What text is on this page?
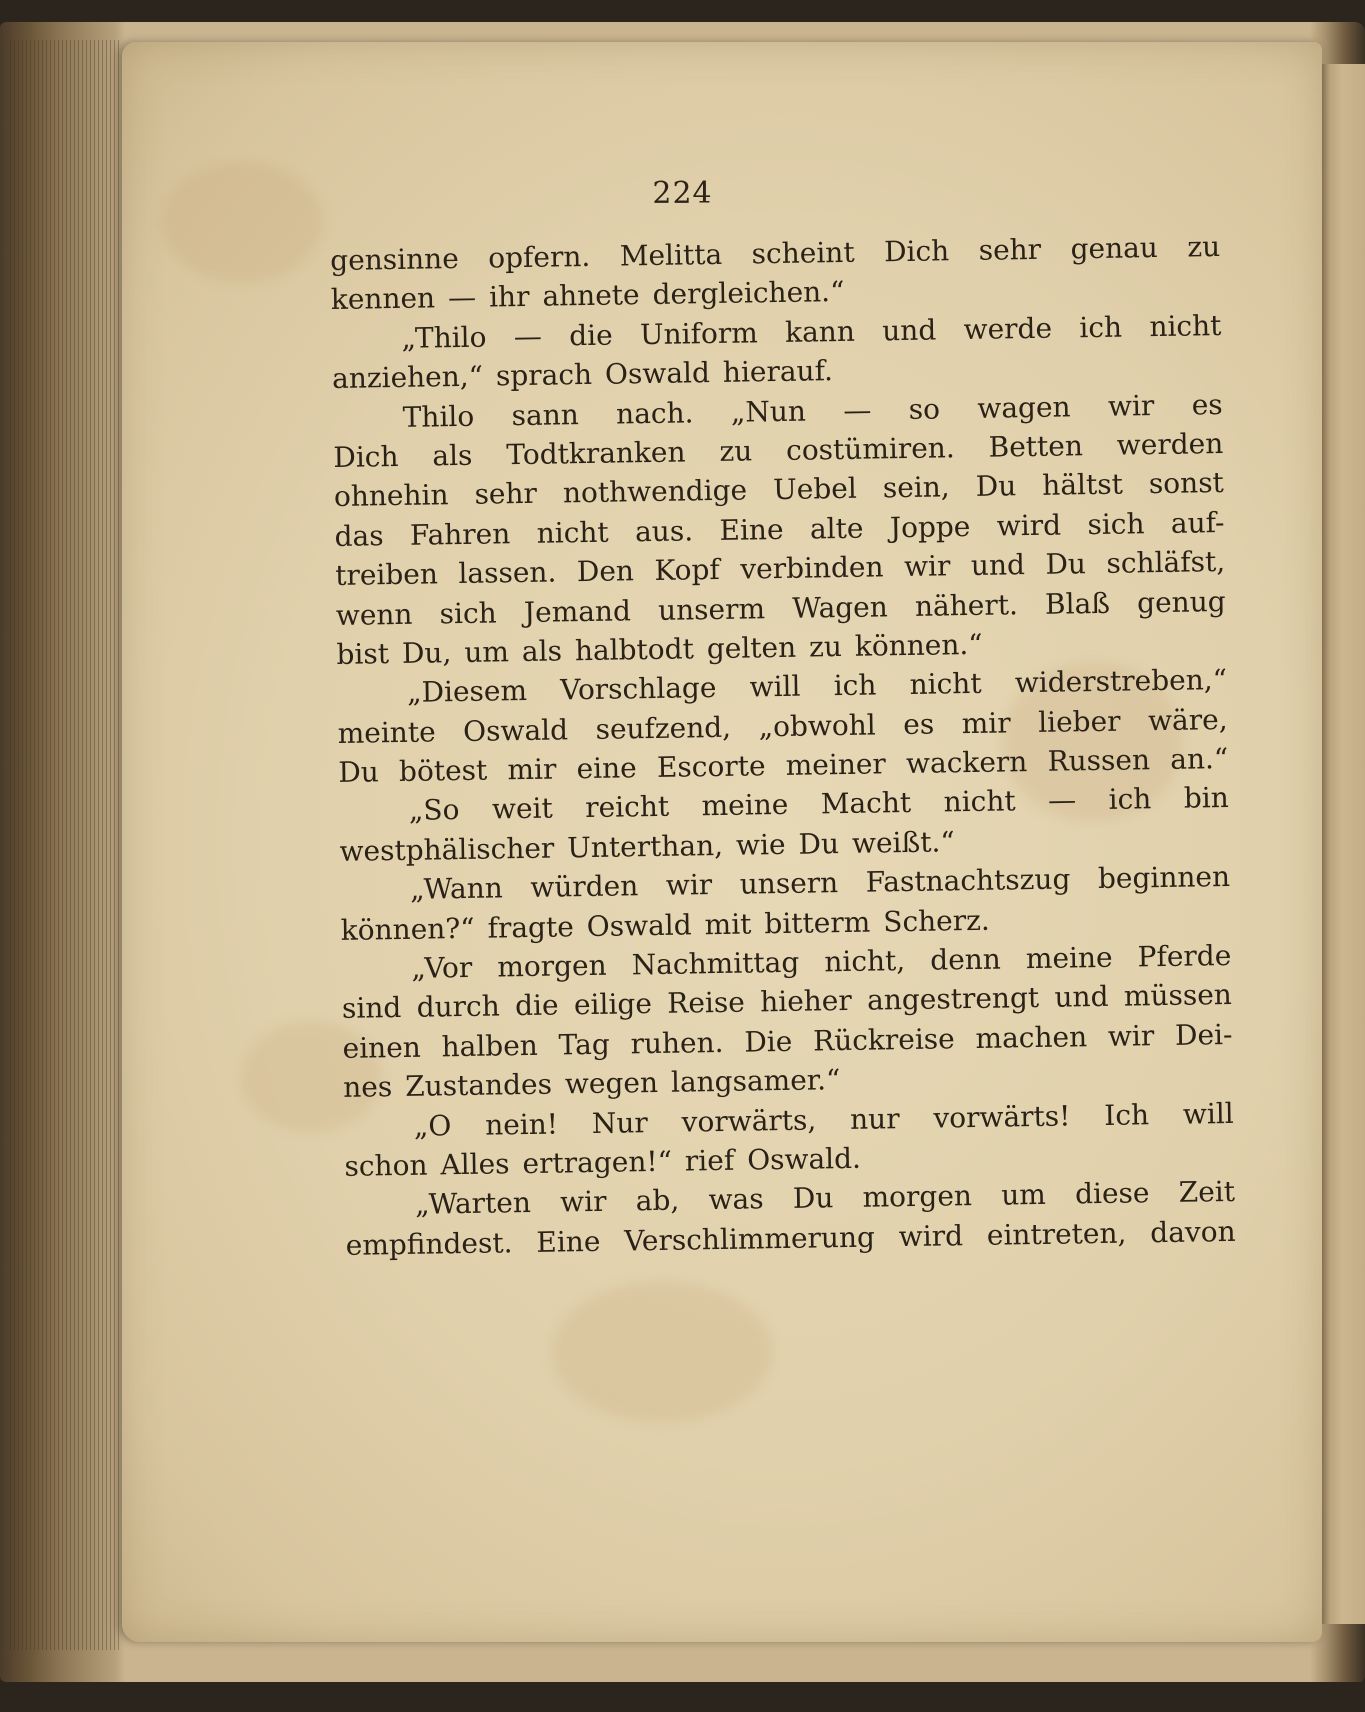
224
gensinne opfern. Melitta scheint Dich sehr genau zu
kennen — ihr ahnete dergleichen.“
„Thilo — die Uniform kann und werde ich nicht
anziehen,“ sprach Oswald hierauf.
Thilo sann nach. „Nun — so wagen wir es
Dich als Todtkranken zu costümiren. Betten werden
ohnehin sehr nothwendige Uebel sein, Du hältst sonst
das Fahren nicht aus. Eine alte Joppe wird sich auf-
treiben lassen. Den Kopf verbinden wir und Du schläfst,
wenn sich Jemand unserm Wagen nähert. Blaß genug
bist Du, um als halbtodt gelten zu können.“
„Diesem Vorschlage will ich nicht widerstreben,“
meinte Oswald seufzend, „obwohl es mir lieber wäre,
Du bötest mir eine Escorte meiner wackern Russen an.“
„So weit reicht meine Macht nicht — ich bin
westphälischer Unterthan, wie Du weißt.“
„Wann würden wir unsern Fastnachtszug beginnen
können?“ fragte Oswald mit bitterm Scherz.
„Vor morgen Nachmittag nicht, denn meine Pferde
sind durch die eilige Reise hieher angestrengt und müssen
einen halben Tag ruhen. Die Rückreise machen wir Dei-
nes Zustandes wegen langsamer.“
„O nein! Nur vorwärts, nur vorwärts! Ich will
schon Alles ertragen!“ rief Oswald.
„Warten wir ab, was Du morgen um diese Zeit
empfindest. Eine Verschlimmerung wird eintreten, davon
